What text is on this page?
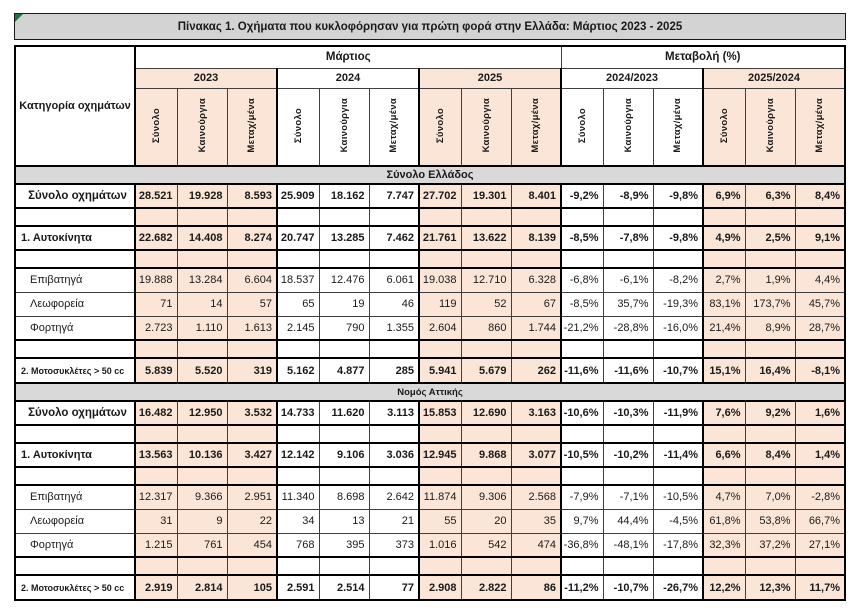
Πίνακας 1. Οχήματα που κυκλοφόρησαν για πρώτη φορά στην Ελλάδα: Μάρτιος 2023 - 2025
Κατηγορία οχημάτων	Μάρτιος									Μεταβολή (%)					
	2023			2024			2025			2024/2023			2025/2024		
	Σύνολο	Καινούργια	Μεταχ/μένα	Σύνολο	Καινούργια	Μεταχ/μένα	Σύνολο	Καινούργια	Μεταχ/μένα	Σύνολο	Καινούργια	Μεταχ/μένα	Σύνολο	Καινούργια	Μεταχ/μένα
Σύνολο Ελλάδος															
Σύνολο οχημάτων	28.521	19.928	8.593	25.909	18.162	7.747	27.702	19.301	8.401	-9,2%	-8,9%	-9,8%	6,9%	6,3%	8,4%

1. Αυτοκίνητα	22.682	14.408	8.274	20.747	13.285	7.462	21.761	13.622	8.139	-8,5%	-7,8%	-9,8%	4,9%	2,5%	9,1%

Επιβατηγά	19.888	13.284	6.604	18.537	12.476	6.061	19.038	12.710	6.328	-6,8%	-6,1%	-8,2%	2,7%	1,9%	4,4%
Λεωφορεία	71	14	57	65	19	46	119	52	67	-8,5%	35,7%	-19,3%	83,1%	173,7%	45,7%
Φορτηγά	2.723	1.110	1.613	2.145	790	1.355	2.604	860	1.744	-21,2%	-28,8%	-16,0%	21,4%	8,9%	28,7%

2. Μοτοσυκλέτες > 50 cc	5.839	5.520	319	5.162	4.877	285	5.941	5.679	262	-11,6%	-11,6%	-10,7%	15,1%	16,4%	-8,1%
Νομός Αττικής															
Σύνολο οχημάτων	16.482	12.950	3.532	14.733	11.620	3.113	15.853	12.690	3.163	-10,6%	-10,3%	-11,9%	7,6%	9,2%	1,6%

1. Αυτοκίνητα	13.563	10.136	3.427	12.142	9.106	3.036	12.945	9.868	3.077	-10,5%	-10,2%	-11,4%	6,6%	8,4%	1,4%

Επιβατηγά	12.317	9.366	2.951	11.340	8.698	2.642	11.874	9.306	2.568	-7,9%	-7,1%	-10,5%	4,7%	7,0%	-2,8%
Λεωφορεία	31	9	22	34	13	21	55	20	35	9,7%	44,4%	-4,5%	61,8%	53,8%	66,7%
Φορτηγά	1.215	761	454	768	395	373	1.016	542	474	-36,8%	-48,1%	-17,8%	32,3%	37,2%	27,1%

2. Μοτοσυκλέτες > 50 cc	2.919	2.814	105	2.591	2.514	77	2.908	2.822	86	-11,2%	-10,7%	-26,7%	12,2%	12,3%	11,7%
